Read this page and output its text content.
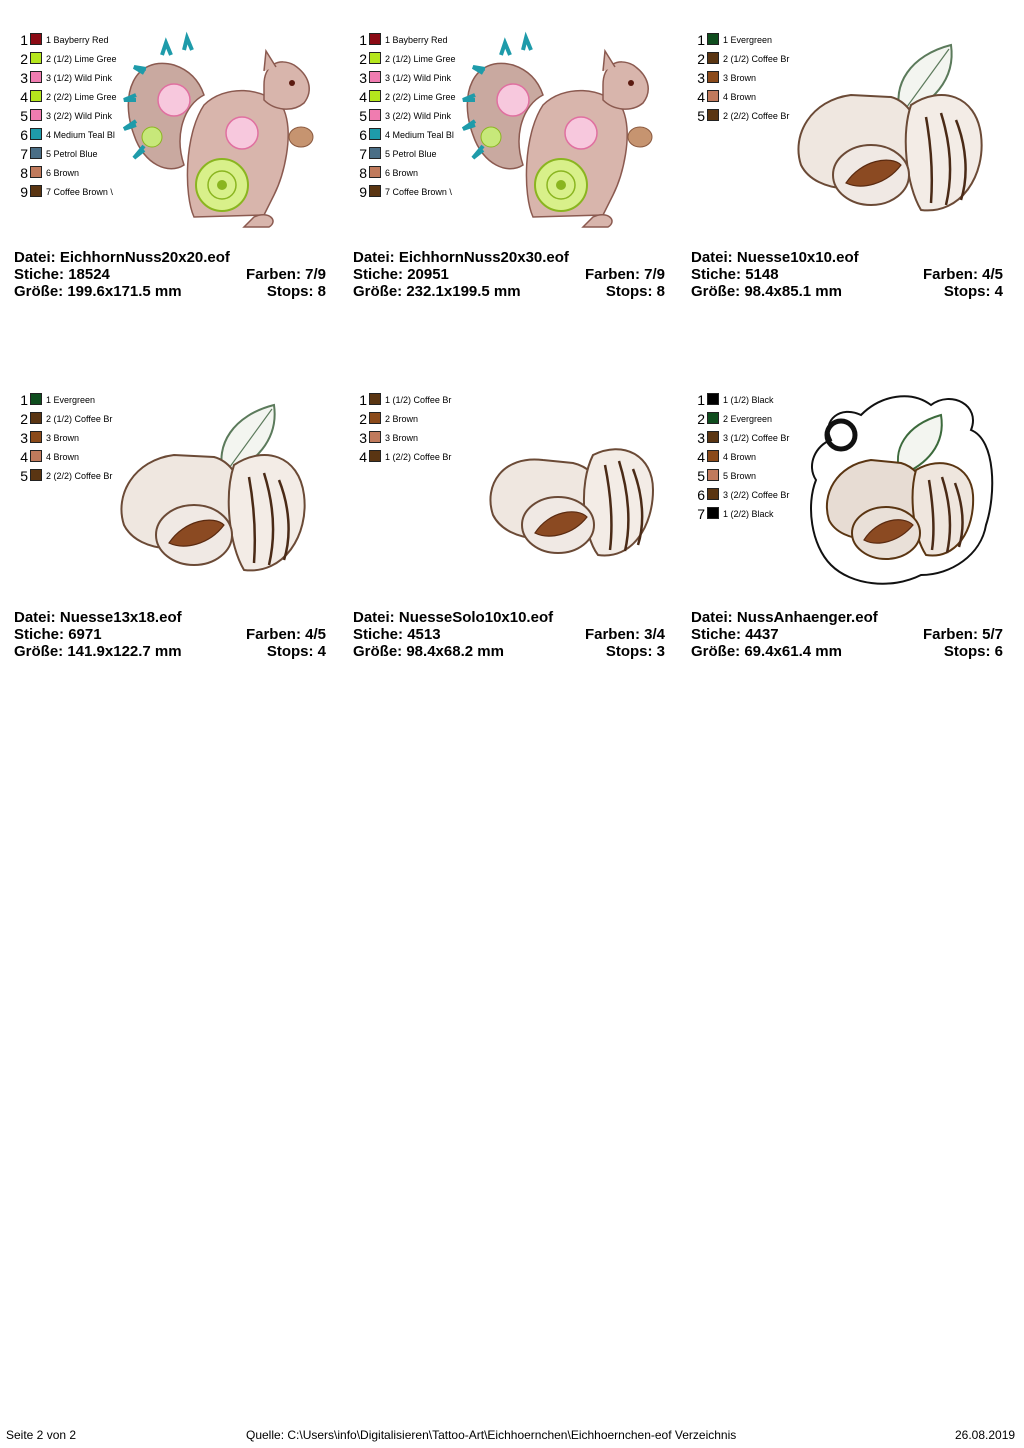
1 1 Bayberry Red
2 2 (1/2) Lime Gree
3 3 (1/2) Wild Pink
4 2 (2/2) Lime Gree
5 3 (2/2) Wild Pink
6 4 Medium Teal Bl
7 5 Petrol Blue
8 6 Brown
9 7 Coffee Brown \
Datei: EichhornNuss20x20.eof
Stiche: 18524	Farben: 7/9
Größe: 199.6x171.5 mm	Stops: 8
1 1 Bayberry Red
2 2 (1/2) Lime Gree
3 3 (1/2) Wild Pink
4 2 (2/2) Lime Gree
5 3 (2/2) Wild Pink
6 4 Medium Teal Bl
7 5 Petrol Blue
8 6 Brown
9 7 Coffee Brown \
Datei: EichhornNuss20x30.eof
Stiche: 20951	Farben: 7/9
Größe: 232.1x199.5 mm	Stops: 8
1 1 Evergreen
2 2 (1/2) Coffee Br
3 3 Brown
4 4 Brown
5 2 (2/2) Coffee Br
Datei: Nuesse10x10.eof
Stiche: 5148	Farben: 4/5
Größe: 98.4x85.1 mm	Stops: 4
1 1 Evergreen
2 2 (1/2) Coffee Br
3 3 Brown
4 4 Brown
5 2 (2/2) Coffee Br
Datei: Nuesse13x18.eof
Stiche: 6971	Farben: 4/5
Größe: 141.9x122.7 mm	Stops: 4
1 1 (1/2) Coffee Br
2 2 Brown
3 3 Brown
4 1 (2/2) Coffee Br
Datei: NuesseSolo10x10.eof
Stiche: 4513	Farben: 3/4
Größe: 98.4x68.2 mm	Stops: 3
1 1 (1/2) Black
2 2 Evergreen
3 3 (1/2) Coffee Br
4 4 Brown
5 5 Brown
6 3 (2/2) Coffee Br
7 1 (2/2) Black
Datei: NussAnhaenger.eof
Stiche: 4437	Farben: 5/7
Größe: 69.4x61.4 mm	Stops: 6
Seite 2 von 2	Quelle: C:\Users\info\Digitalisieren\Tattoo-Art\Eichhoernchen\Eichhoernchen-eof Verzeichnis	26.08.2019
